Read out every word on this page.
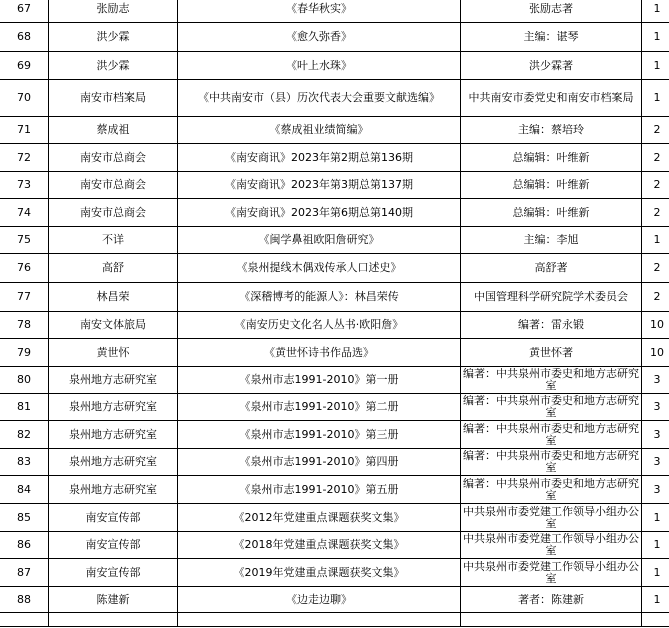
67	张励志	《春华秋实》	张励志著	1

68	洪少霖	《愈久弥香》	主编：谌琴	1

69	洪少霖	《叶上水珠》	洪少霖著	1

70	南安市档案局	《中共南安市（县）历次代表大会重要文献选编》	中共南安市委党史和南安市档案局	1

71	蔡成祖	《蔡成祖业绩简编》	主编：蔡培玲	2

72	南安市总商会	《南安商讯》2023年第2期总第136期	总编辑：叶维新	2

73	南安市总商会	《南安商讯》2023年第3期总第137期	总编辑：叶维新	2

74	南安市总商会	《南安商讯》2023年第6期总第140期	总编辑：叶维新	2

75	不详	《闽学鼻祖欧阳詹研究》	主编：李旭	1

76	高舒	《泉州提线木偶戏传承人口述史》	高舒著	2

77	林昌荣	《深稽博考的能源人》：林昌荣传	中国管理科学研究院学术委员会	2

78	南安文体旅局	《南安历史文化名人丛书·欧阳詹》	编著：雷永锻	10

79	黄世怀	《黄世怀诗书作品选》	黄世怀著	10

80	泉州地方志研究室	《泉州市志1991-2010》第一册	编著：中共泉州市委史和地方志研究室	3

81	泉州地方志研究室	《泉州市志1991-2010》第二册	编著：中共泉州市委史和地方志研究室	3

82	泉州地方志研究室	《泉州市志1991-2010》第三册	编著：中共泉州市委史和地方志研究室	3

83	泉州地方志研究室	《泉州市志1991-2010》第四册	编著：中共泉州市委史和地方志研究室	3

84	泉州地方志研究室	《泉州市志1991-2010》第五册	编著：中共泉州市委史和地方志研究室	3

85	南安宣传部	《2012年党建重点课题获奖文集》	中共泉州市委党建工作领导小组办公室	1

86	南安宣传部	《2018年党建重点课题获奖文集》	中共泉州市委党建工作领导小组办公室	1

87	南安宣传部	《2019年党建重点课题获奖文集》	中共泉州市委党建工作领导小组办公室	1

88	陈建新	《边走边聊》	著者：陈建新	1
